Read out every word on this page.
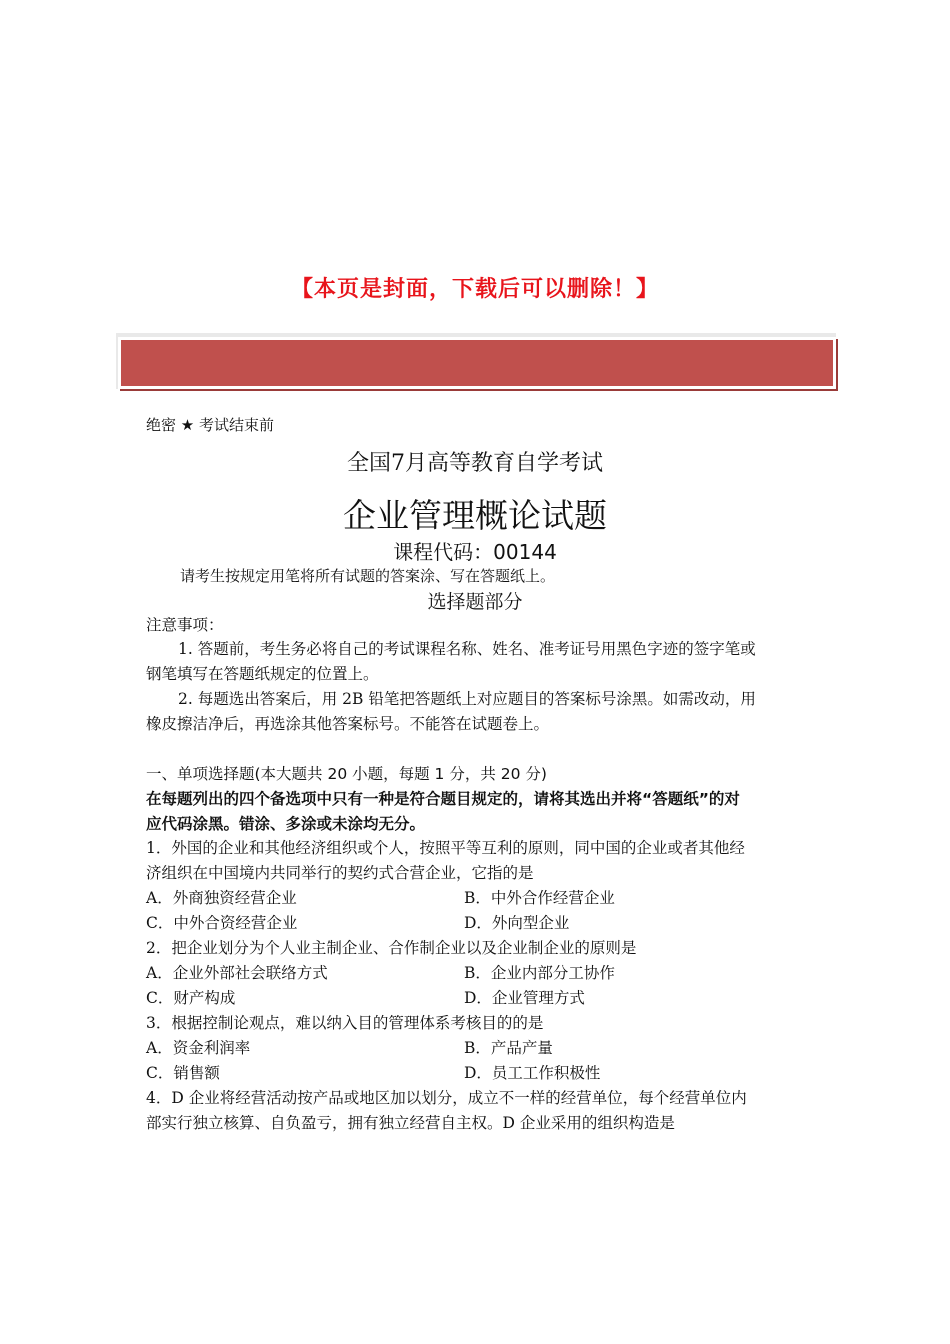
【本页是封面，下载后可以删除！】
绝密 ★ 考试结束前
全国7月高等教育自学考试
企业管理概论试题
课程代码：00144
请考生按规定用笔将所有试题的答案涂、写在答题纸上。
选择题部分
注意事项：
1. 答题前，考生务必将自己的考试课程名称、姓名、准考证号用黑色字迹的签字笔或
钢笔填写在答题纸规定的位置上。
2. 每题选出答案后，用 2B 铅笔把答题纸上对应题目的答案标号涂黑。如需改动，用
橡皮擦洁净后，再选涂其他答案标号。不能答在试题卷上。
一、单项选择题(本大题共 20 小题，每题 1 分，共 20 分)
在每题列出的四个备选项中只有一种是符合题目规定的，请将其选出并将“答题纸”的对
应代码涂黑。错涂、多涂或未涂均无分。
1．外国的企业和其他经济组织或个人，按照平等互利的原则，同中国的企业或者其他经
济组织在中国境内共同举行的契约式合营企业，它指的是
A．外商独资经营企业	B．中外合作经营企业
C．中外合资经营企业	D．外向型企业
2．把企业划分为个人业主制企业、合作制企业以及企业制企业的原则是
A．企业外部社会联络方式	B．企业内部分工协作
C．财产构成	D．企业管理方式
3．根据控制论观点，难以纳入目的管理体系考核目的的是
A．资金利润率	B．产品产量
C．销售额	D．员工工作积极性
4．D 企业将经营活动按产品或地区加以划分，成立不一样的经营单位，每个经营单位内
部实行独立核算、自负盈亏，拥有独立经营自主权。D 企业采用的组织构造是
